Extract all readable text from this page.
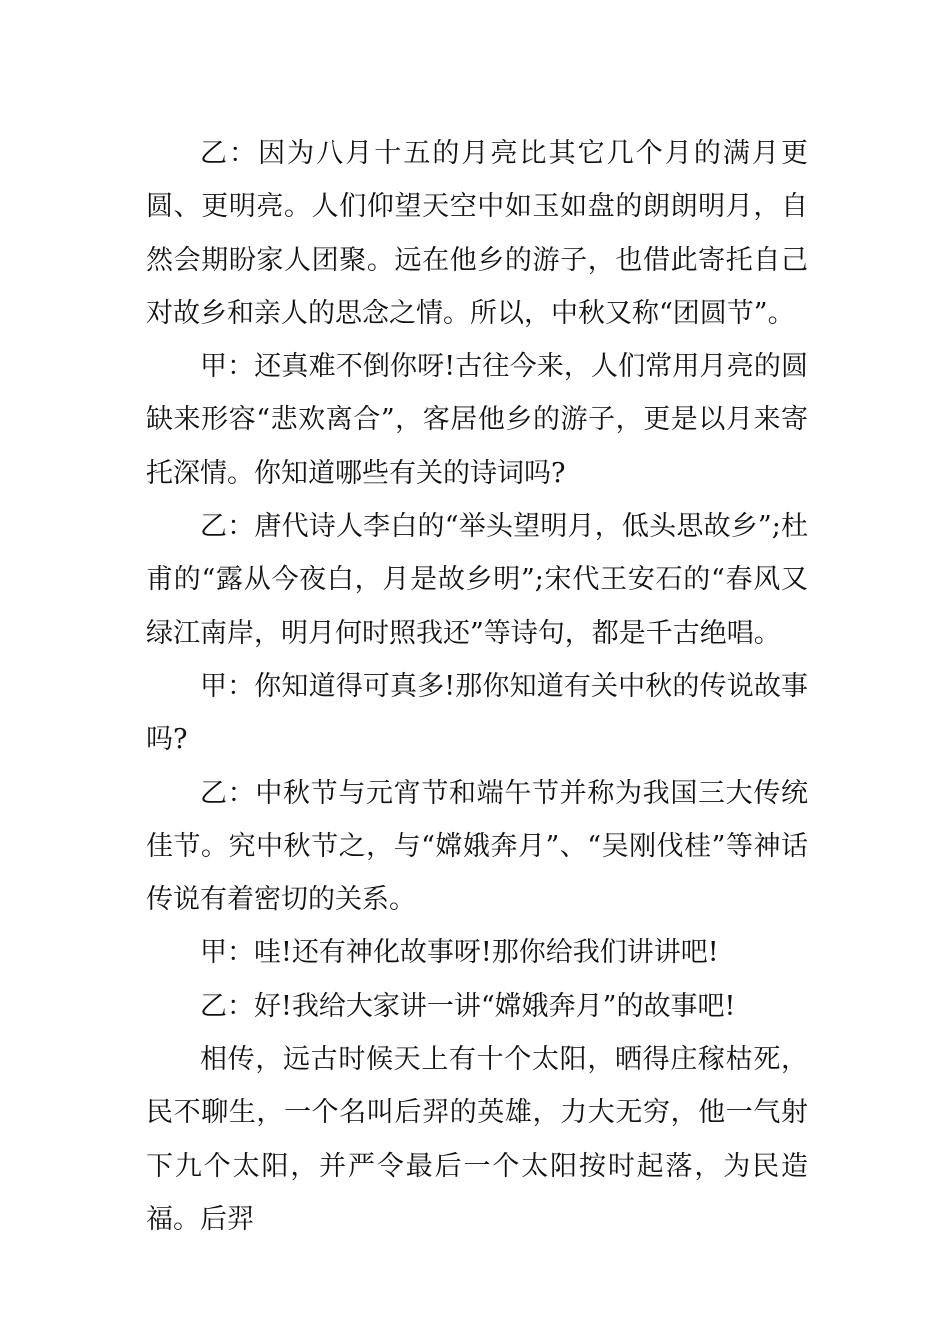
乙：因为八月十五的月亮比其它几个月的满月更圆、更明亮。人们仰望天空中如玉如盘的朗朗明月，自然会期盼家人团聚。远在他乡的游子，也借此寄托自己对故乡和亲人的思念之情。所以，中秋又称“团圆节”。

甲：还真难不倒你呀!古往今来，人们常用月亮的圆缺来形容“悲欢离合”，客居他乡的游子，更是以月来寄托深情。你知道哪些有关的诗词吗?

乙：唐代诗人李白的“举头望明月，低头思故乡”;杜甫的“露从今夜白，月是故乡明”;宋代王安石的“春风又绿江南岸，明月何时照我还”等诗句，都是千古绝唱。

甲：你知道得可真多!那你知道有关中秋的传说故事吗?

乙：中秋节与元宵节和端午节并称为我国三大传统佳节。究中秋节之，与“嫦娥奔月”、“吴刚伐桂”等神话传说有着密切的关系。

甲：哇!还有神化故事呀!那你给我们讲讲吧!

乙：好!我给大家讲一讲“嫦娥奔月”的故事吧!

相传，远古时候天上有十个太阳，晒得庄稼枯死，民不聊生，一个名叫后羿的英雄，力大无穷，他一气射下九个太阳，并严令最后一个太阳按时起落，为民造福。后羿
